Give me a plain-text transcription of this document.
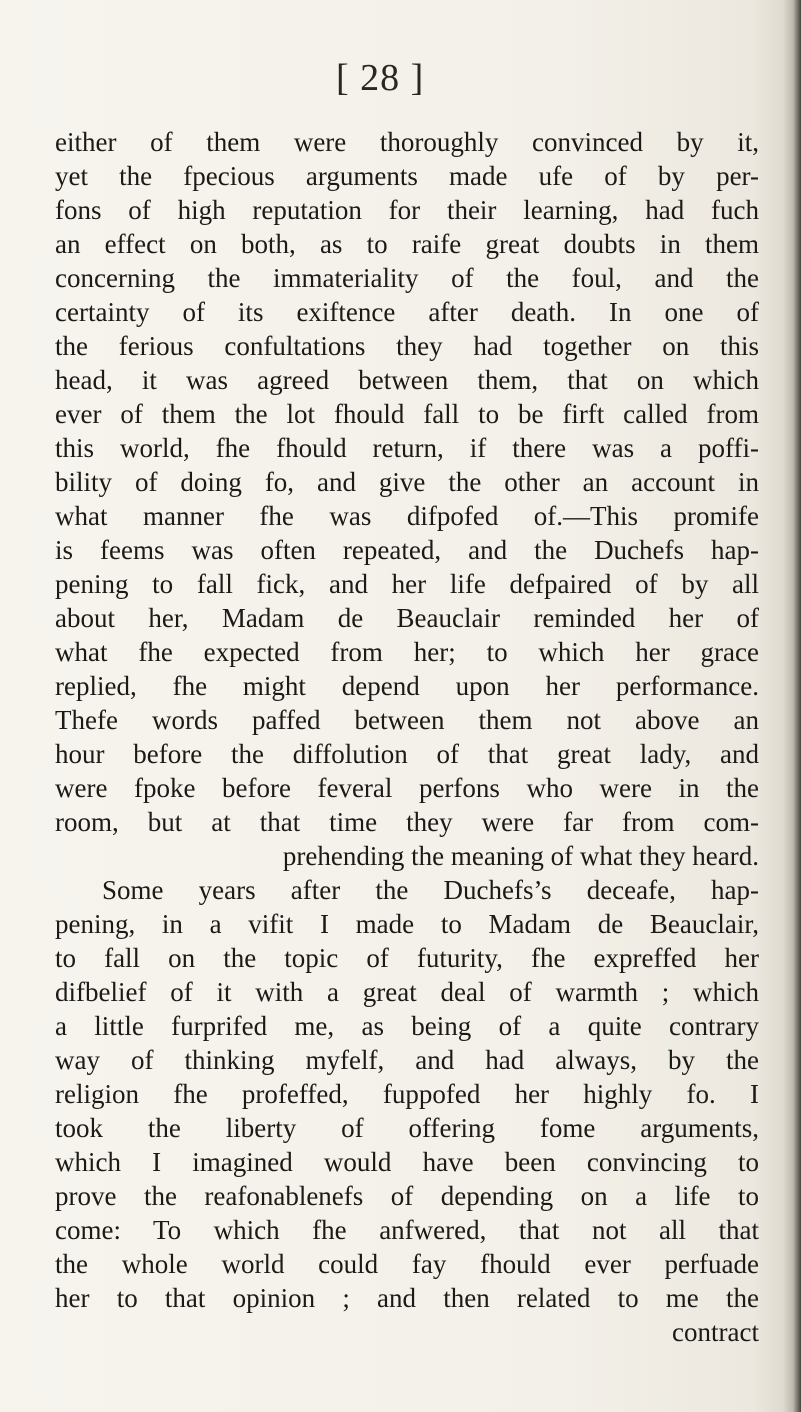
[ 28 ]
either of them were thoroughly convinced by it,
yet the fpecious arguments made ufe of by per-
fons of high reputation for their learning, had fuch
an effect on both, as to raife great doubts in them
concerning the immateriality of the foul, and the
certainty of its exiftence after death. In one of
the ferious confultations they had together on this
head, it was agreed between them, that on which
ever of them the lot fhould fall to be firft called from
this world, fhe fhould return, if there was a poffi-
bility of doing fo, and give the other an account in
what manner fhe was difpofed of.—This promife
is feems was often repeated, and the Duchefs hap-
pening to fall fick, and her life defpaired of by all
about her, Madam de Beauclair reminded her of
what fhe expected from her; to which her grace
replied, fhe might depend upon her performance.
Thefe words paffed between them not above an
hour before the diffolution of that great lady, and
were fpoke before feveral perfons who were in the
room, but at that time they were far from com-
prehending the meaning of what they heard.
Some years after the Duchefs’s deceafe, hap-
pening, in a vifit I made to Madam de Beauclair,
to fall on the topic of futurity, fhe expreffed her
difbelief of it with a great deal of warmth ; which
a little furprifed me, as being of a quite contrary
way of thinking myfelf, and had always, by the
religion fhe profeffed, fuppofed her highly fo. I
took the liberty of offering fome arguments,
which I imagined would have been convincing to
prove the reafonablenefs of depending on a life to
come: To which fhe anfwered, that not all that
the whole world could fay fhould ever perfuade
her to that opinion ; and then related to me the
contract
